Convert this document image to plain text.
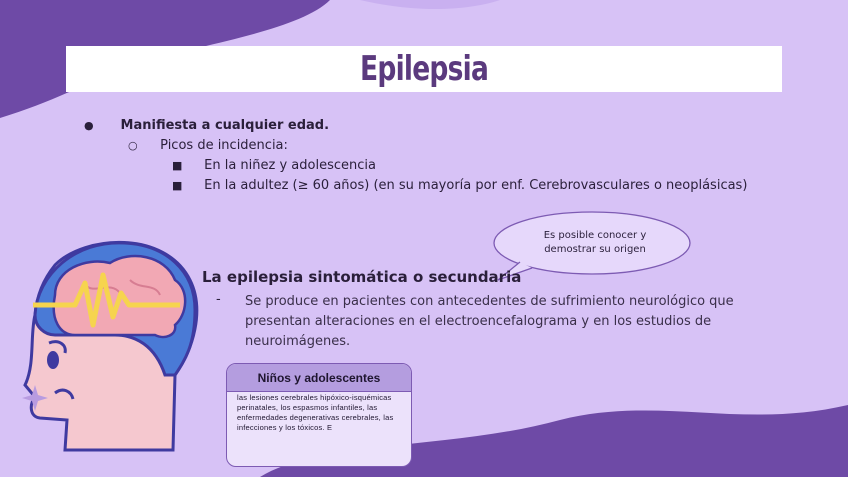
Epilepsia
● Manifiesta a cualquier edad.
○ Picos de incidencia:
■ En la niñez y adolescencia
■ En la adultez (≥ 60 años) (en su mayoría por enf. Cerebrovasculares o neoplásicas)
Es posible conocer y demostrar su origen
La epilepsia sintomática o secundaria
- Se produce en pacientes con antecedentes de sufrimiento neurológico que presentan alteraciones en el electroencefalograma y en los estudios de neuroimágenes.
Niños y adolescentes
las lesiones cerebrales hipóxico-isquémicas perinatales, los espasmos infantiles, las enfermedades degenerativas cerebrales, las infecciones y los tóxicos. E
